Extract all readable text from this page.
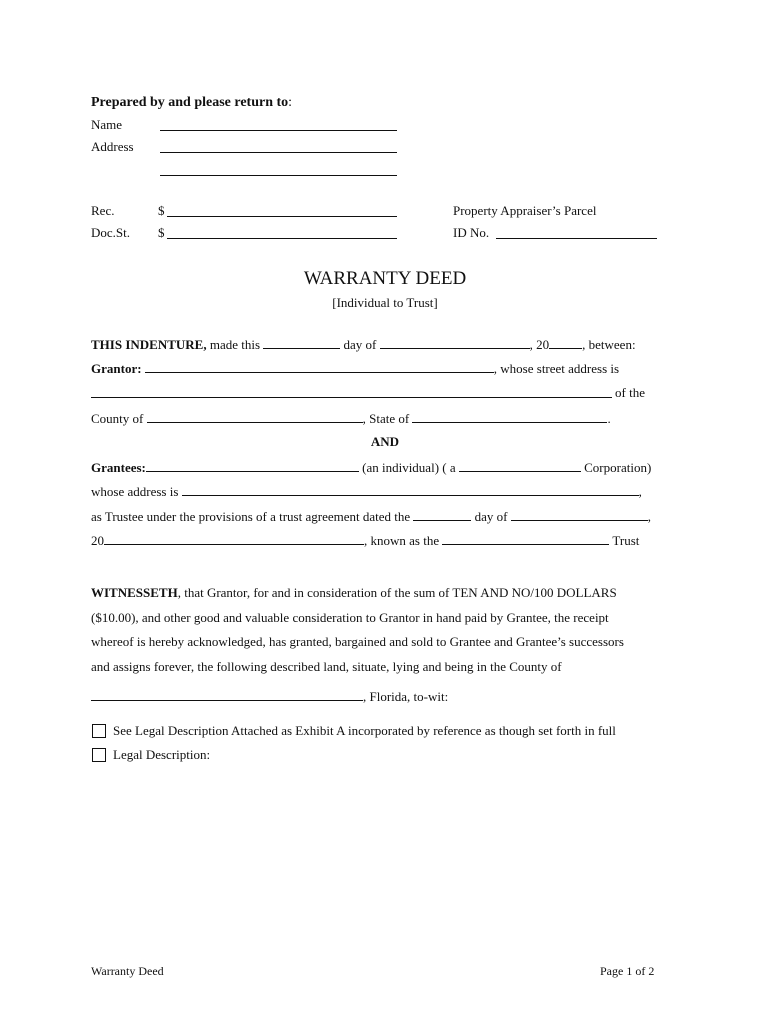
Prepared by and please return to:
Name
Address
Rec.	$
Doc.St. $
Property Appraiser’s Parcel
ID No.
WARRANTY DEED
[Individual to Trust]
THIS INDENTURE, made this	day of	, 20	, between:
Grantor:	, whose street address is
of the
County of	, State of	.
AND
Grantees:	(an individual) ( a	Corporation)
whose address is	,
as Trustee under the provisions of a trust agreement dated the	day of	,
20	, known as the	Trust
WITNESSETH, that Grantor, for and in consideration of the sum of TEN AND NO/100 DOLLARS
($10.00), and other good and valuable consideration to Grantor in hand paid by Grantee, the receipt
whereof is hereby acknowledged, has granted, bargained and sold to Grantee and Grantee’s successors
and assigns forever, the following described land, situate, lying and being in the County of
, Florida, to-wit:
See Legal Description Attached as Exhibit A incorporated by reference as though set forth in full
Legal Description:
Warranty Deed	Page 1 of 2
